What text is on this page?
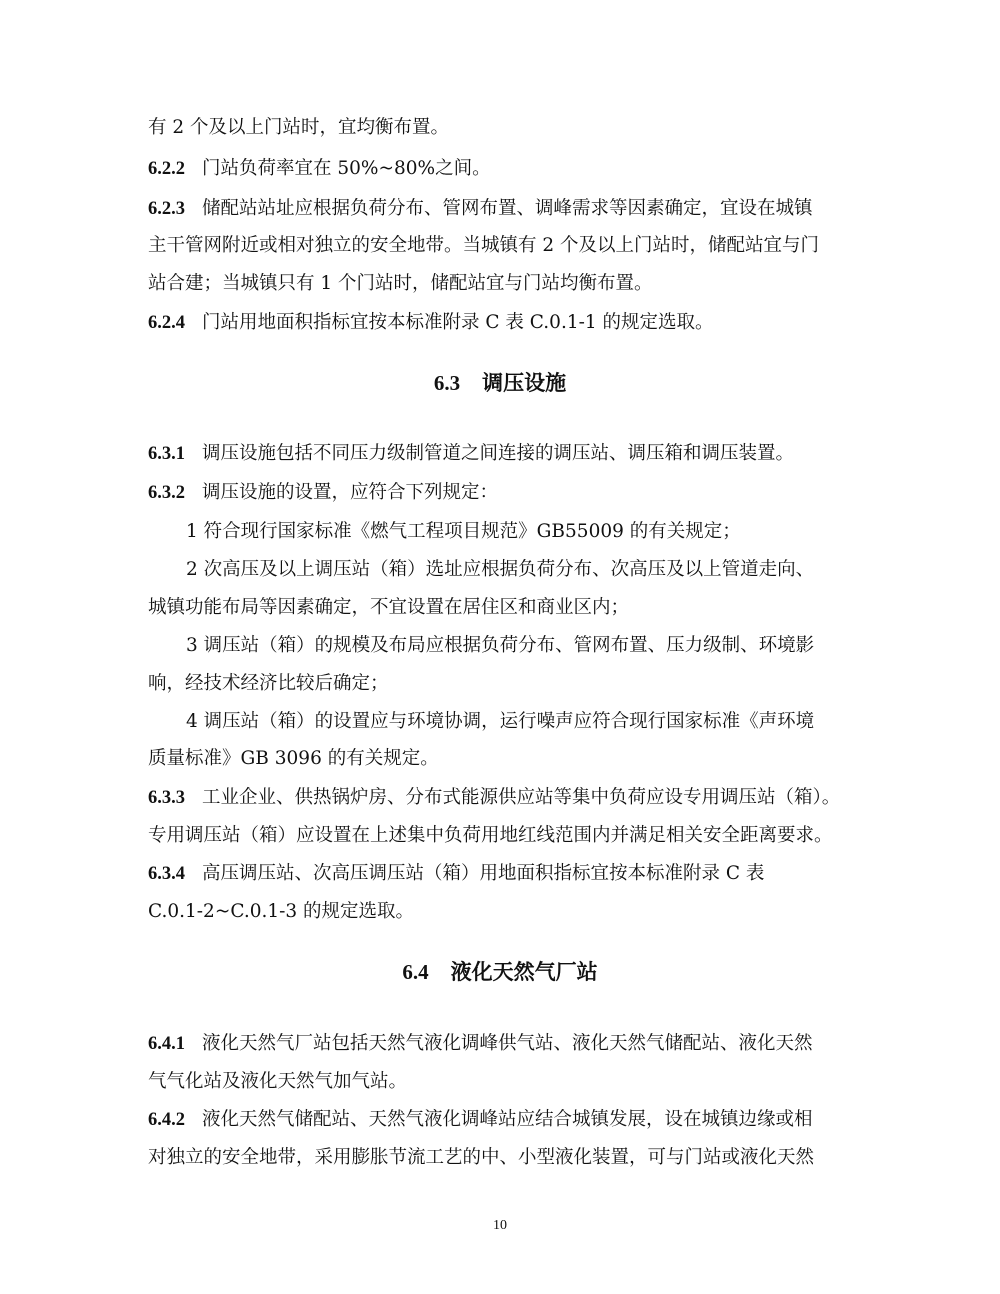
有 2 个及以上门站时，宜均衡布置。
6.2.2 门站负荷率宜在 50%~80%之间。
6.2.3 储配站站址应根据负荷分布、管网布置、调峰需求等因素确定，宜设在城镇
主干管网附近或相对独立的安全地带。当城镇有 2 个及以上门站时，储配站宜与门
站合建；当城镇只有 1 个门站时，储配站宜与门站均衡布置。
6.2.4 门站用地面积指标宜按本标准附录 C 表 C.0.1-1 的规定选取。
6.3 调压设施
6.3.1 调压设施包括不同压力级制管道之间连接的调压站、调压箱和调压装置。
6.3.2 调压设施的设置，应符合下列规定：
1 符合现行国家标准《燃气工程项目规范》GB55009 的有关规定；
2 次高压及以上调压站（箱）选址应根据负荷分布、次高压及以上管道走向、
城镇功能布局等因素确定，不宜设置在居住区和商业区内；
3 调压站（箱）的规模及布局应根据负荷分布、管网布置、压力级制、环境影
响，经技术经济比较后确定；
4 调压站（箱）的设置应与环境协调，运行噪声应符合现行国家标准《声环境
质量标准》GB 3096 的有关规定。
6.3.3 工业企业、供热锅炉房、分布式能源供应站等集中负荷应设专用调压站（箱）。
专用调压站（箱）应设置在上述集中负荷用地红线范围内并满足相关安全距离要求。
6.3.4 高压调压站、次高压调压站（箱）用地面积指标宜按本标准附录 C 表
C.0.1-2~C.0.1-3 的规定选取。
6.4 液化天然气厂站
6.4.1 液化天然气厂站包括天然气液化调峰供气站、液化天然气储配站、液化天然
气气化站及液化天然气加气站。
6.4.2 液化天然气储配站、天然气液化调峰站应结合城镇发展，设在城镇边缘或相
对独立的安全地带，采用膨胀节流工艺的中、小型液化装置，可与门站或液化天然
10
